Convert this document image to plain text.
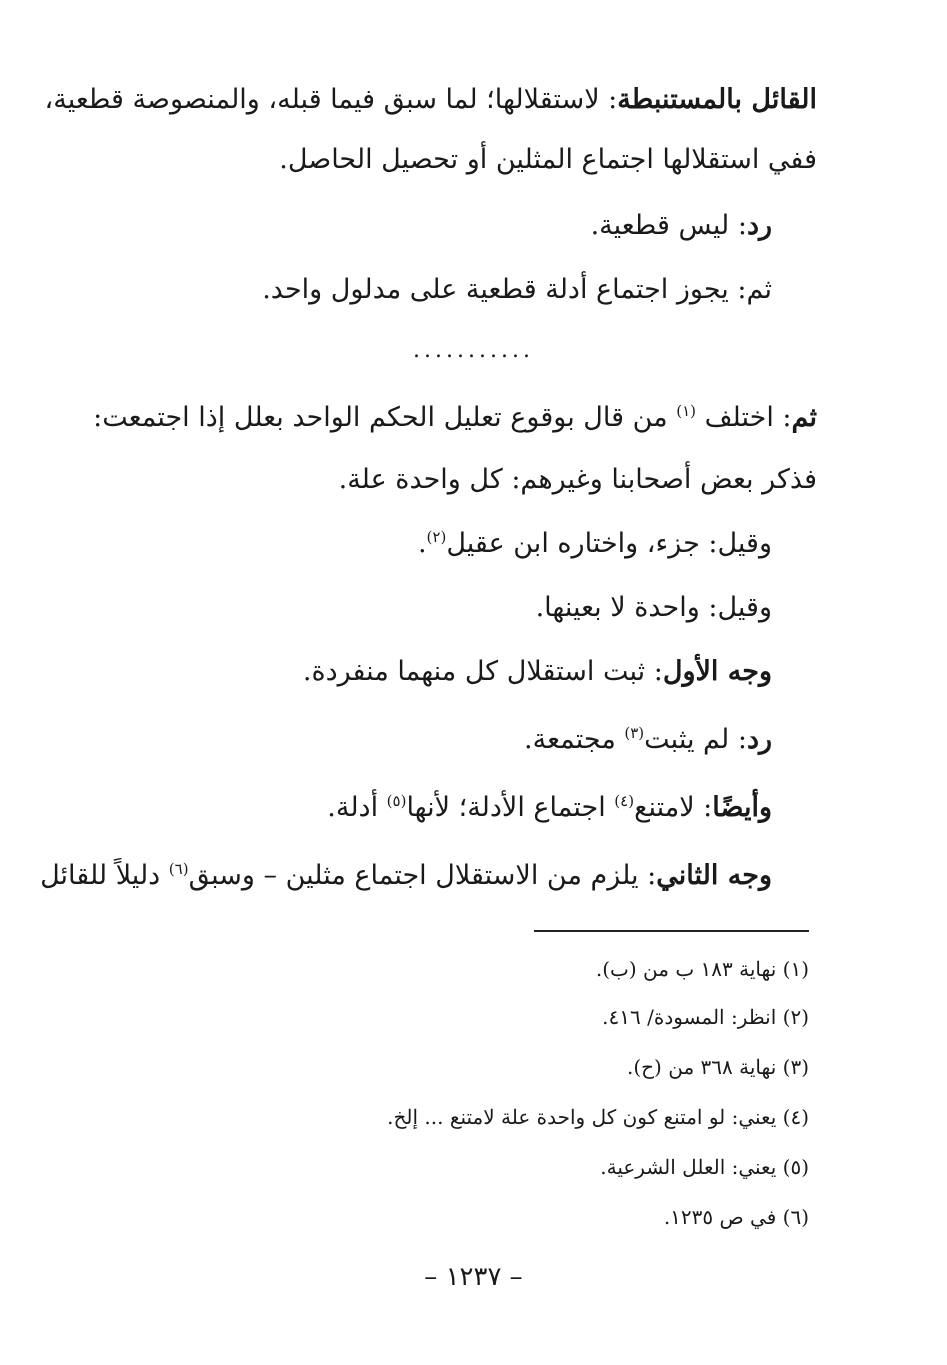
القائل بالمستنبطة: لاستقلالها؛ لما سبق فيما قبله، والمنصوصة قطعية،
ففي استقلالها اجتماع المثلين أو تحصيل الحاصل.
رد: ليس قطعية.
ثم: يجوز اجتماع أدلة قطعية على مدلول واحد.
...........
ثم: اختلف $^{(١)}$ من قال بوقوع تعليل الحكم الواحد بعلل إذا اجتمعت:
فذكر بعض أصحابنا وغيرهم: كل واحدة علة.
وقيل: جزء، واختاره ابن عقيل$^{(٢)}$.
وقيل: واحدة لا بعينها.
وجه الأول: ثبت استقلال كل منهما منفردة.
رد: لم يثبت$^{(٣)}$ مجتمعة.
وأيضًا: لامتنع$^{(٤)}$ اجتماع الأدلة؛ لأنها$^{(٥)}$ أدلة.
وجه الثاني: يلزم من الاستقلال اجتماع مثلين – وسبق$^{(٦)}$ دليلاً للقائل
(١) نهاية ١٨٣ ب من (ب).
(٢) انظر: المسودة/ ٤١٦.
(٣) نهاية ٣٦٨ من (ح).
(٤) يعني: لو امتنع كون كل واحدة علة لامتنع ... إلخ.
(٥) يعني: العلل الشرعية.
(٦) في ص ١٢٣٥.
– ١٢٣٧ –
